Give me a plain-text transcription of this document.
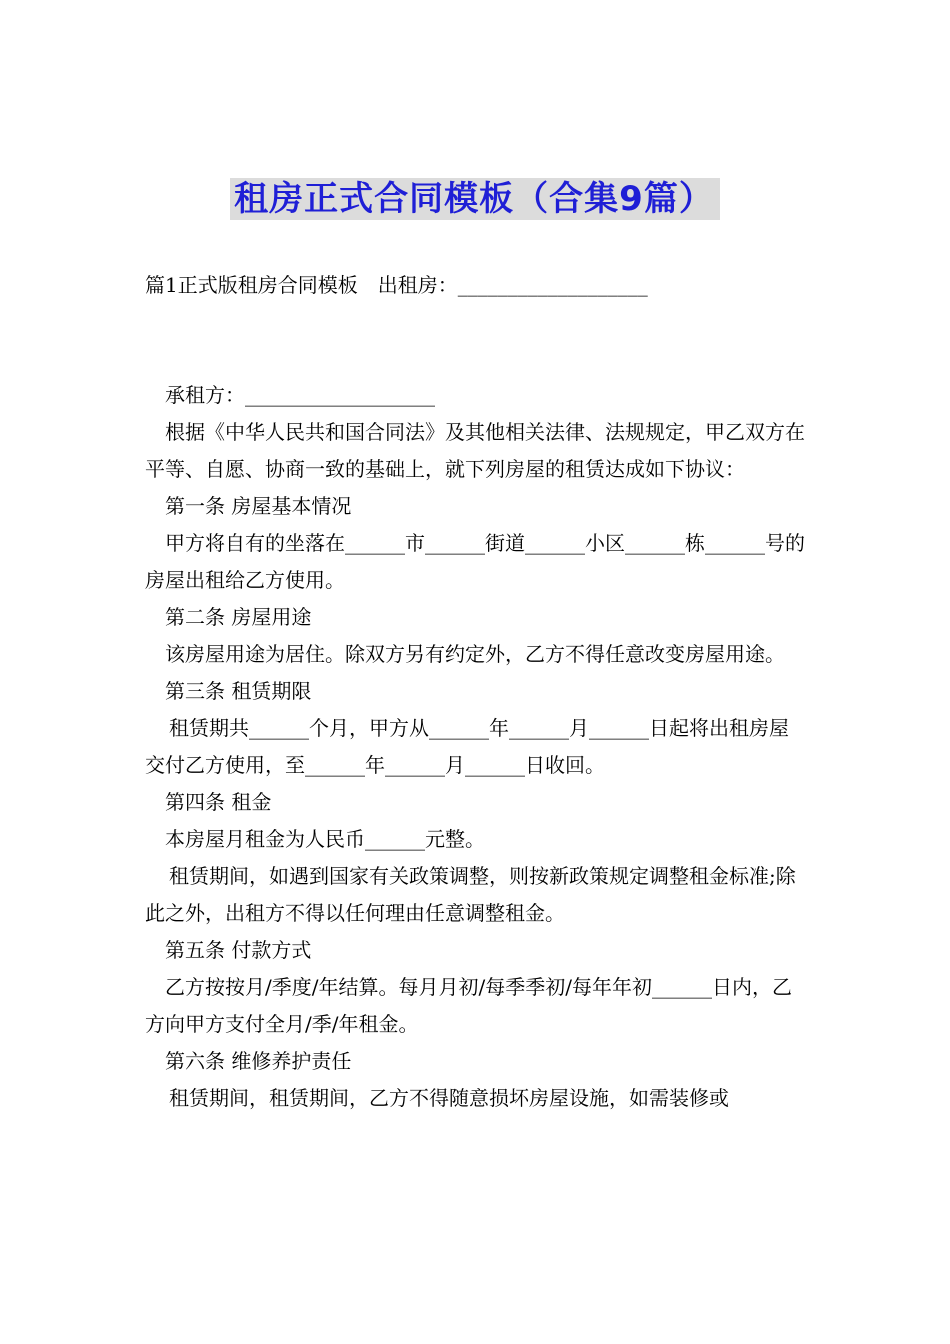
租房正式合同模板（合集9篇）

篇1正式版租房合同模板　出租房：___________________

承租方：___________________

根据《中华人民共和国合同法》及其他相关法律、法规规定，甲乙双方在平等、自愿、协商一致的基础上，就下列房屋的租赁达成如下协议：

第一条 房屋基本情况

甲方将自有的坐落在______市______街道______小区______栋______号的房屋出租给乙方使用。

第二条 房屋用途

该房屋用途为居住。除双方另有约定外，乙方不得任意改变房屋用途。

第三条 租赁期限

租赁期共______个月，甲方从______年______月______日起将出租房屋交付乙方使用，至______年______月______日收回。

第四条 租金

本房屋月租金为人民币______元整。

租赁期间，如遇到国家有关政策调整，则按新政策规定调整租金标准;除此之外，出租方不得以任何理由任意调整租金。

第五条 付款方式

乙方按按月/季度/年结算。每月月初/每季季初/每年年初______日内，乙方向甲方支付全月/季/年租金。

第六条 维修养护责任

租赁期间，租赁期间，乙方不得随意损坏房屋设施，如需装修或
